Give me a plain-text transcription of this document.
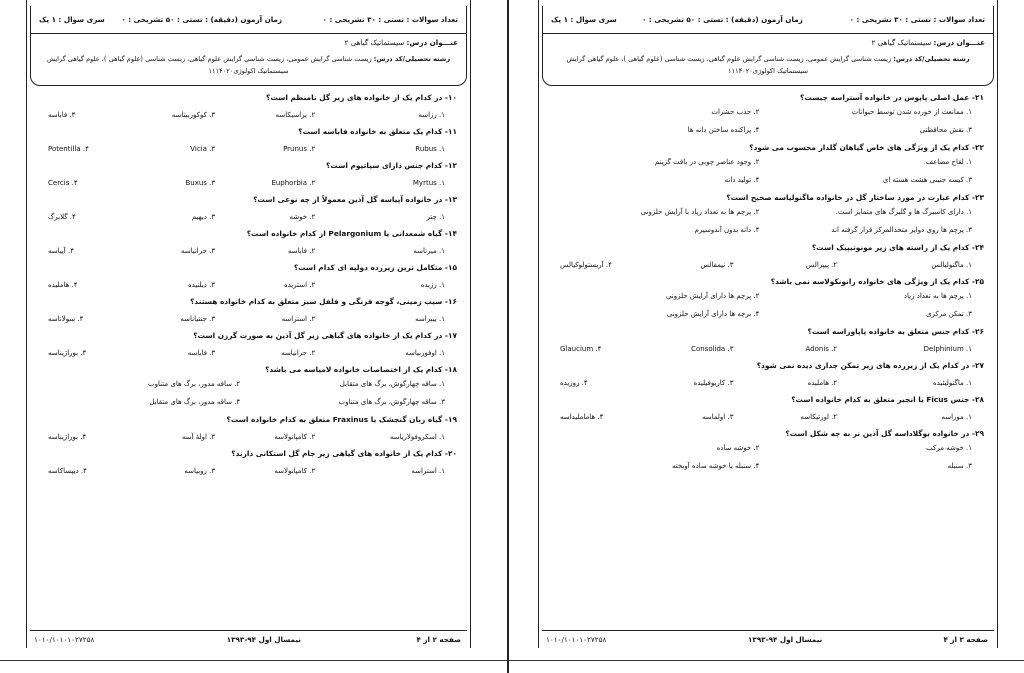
تعداد سوالات : تستی : ۳۰ تشریحی : ۰
زمان آزمون (دقیقه) : تستی : ۵۰ تشریحی : ۰
سری سوال : ۱ یک
عنـــوان درس: سیستماتیک گیاهی ۲
رشته تحصیلی/کد درس: زیست شناسی گرایش عمومی، زیست شناسی گرایش علوم گیاهی، زیست شناسی (علوم گیاهی )، علوم گیاهی گرایش سیستماتیک اکولوژی۱۱۱۴۰۲۰
۱۰- در کدام یک از خانواده های زیر گل نامنظم است؟
۱. رزاسه
۲. براسیکاسه
۳. کوکوربیتاسه
۴. فاباسه
۱۱- کدام یک متعلق به خانواده فاباسه است؟
۱. Rubus
۲. Prunus
۳. Vicia
۴. Potentilla
۱۲- کدام جنس دارای سیاتیوم است؟
۱. Myrtus
۲. Euphorbia
۳. Buxus
۴. Cercis
۱۳- در خانواده آپیاسه گل آذین معمولاً از چه نوعی است؟
۱. چتر
۲. خوشه
۳. دیهیم
۴. گلابرگ
۱۴- گیاه شمعدانی یا Pelargonium از کدام خانواده است؟
۱. میرتاسه
۲. فاباسه
۳. جرانیاسه
۴. آپیاسه
۱۵- متکامل ترین زیررده دولپه ای کدام است؟
۱. رزیده
۲. استریده
۳. دیلنیده
۴. هاملیده
۱۶- سیب زمینی، گوجه فرنگی و فلفل سبز متعلق به کدام خانواده هستند؟
۱. بیبراسه
۲. استراسه
۳. جنتیاناسه
۴. سولاناسه
۱۷- در کدام یک از خانواده های گیاهی زیر گل آذین به صورت گرزن است؟
۱. اوفوربیاسه
۲. جرانیاسه
۳. فاباسه
۴. بوراژیناسه
۱۸- کدام یک از اختصاصات خانواده لامیاسه می باشد؟
۱. ساقه چهارگوش، برگ های متقابل
۲. ساقه مدور، برگ های متناوب
۳. ساقه چهارگوش، برگ های متناوب
۴. ساقه مدور، برگ های متقابل
۱۹- گیاه زبان گنجشک یا Fraxinus متعلق به کدام خانواده است؟
۱. اسکروفولاریاسه
۲. کامپانولاسه
۳. اولهٔ آسه
۴. بوراژیناسه
۲۰- کدام یک از خانواده های گیاهی زیر جام گل استکانی دارند؟
۱. استراسه
۲. کامپانولاسه
۳. روبیاسه
۴. دیپساکاسه
صفحه ۲ از ۴
نیمسال اول ۹۴-۱۳۹۳
۱۰۱۰/۱۰۱۰۱۰۲۷۲۵۸
تعداد سوالات : تستی : ۳۰ تشریحی : ۰
زمان آزمون (دقیقه) : تستی : ۵۰ تشریحی : ۰
سری سوال : ۱ یک
عنـــوان درس: سیستماتیک گیاهی ۲
رشته تحصیلی/کد درس: زیست شناسی گرایش عمومی، زیست شناسی گرایش علوم گیاهی، زیست شناسی (علوم گیاهی )، علوم گیاهی گرایش سیستماتیک اکولوژی۱۱۱۴۰۲۰
۲۱- عمل اصلی پاپوس در خانواده آستراسه چیست؟
۱. ممانعت از خورده شدن توسط حیوانات
۲. جذب حشرات
۳. نقش محافظتی
۴. پراکنده ساختن دانه ها
۲۲- کدام یک از ویژگی های خاص گیاهان گلدار محسوب می شود؟
۱. لقاح مضاعف
۲. وجود عناصر چوبی در بافت گزینم
۳. کیسه جنینی هشت هسته ای
۴. تولید دانه
۲۳- کدام عبارت در مورد ساختار گل در خانواده ماگنولیاسه صحیح است؟
۱. دارای کاسبرگ ها و گلبرگ های متمایز است.
۲. پرچم ها به تعداد زیاد با آرایش حلزونی
۳. پرچم ها روی دوایر متحدالمرکز قرار گرفته اند
۴. دانه بدون آندوسپرم
۲۴- کدام یک از راسته های زیر مونوتیپیک است؟
۱. ماگنولیالس
۲. پیپرالس
۳. نیمفالس
۴. آریستولوکیالس
۲۵- کدام یک از ویژگی های خانواده رانونکولاسه نمی باشد؟
۱. پرچم ها به تعداد زیاد
۲. پرچم ها دارای آرایش حلزونی
۳. تمکن مرکزی
۴. برچه ها دارای آرایش حلزونی
۲۶- کدام جنس متعلق به خانواده پاپاوراسه است؟
۱. Delphinium
۲. Adonis
۳. Consolida
۴. Glaucium
۲۷- در کدام یک از زیررده های زیر تمکن جداری دیده نمی شود؟
۱. ماگنولیئیده
۲. هاملیده
۳. کاریوفیلیده
۴. روزیده
۲۸- جنس Ficus یا انجیر متعلق به کدام خانواده است؟
۱. موراسه
۲. اورتیکاسه
۳. اولماسه
۴. هاماملیداسه
۲۹- در خانواده بوگلاداسه گل آذین نر به چه شکل است؟
۱. خوشه مرکب
۲. خوشه ساده
۳. سنبله
۴. سنبله یا خوشه ساده آویخته
صفحه ۳ از ۴
نیمسال اول ۹۴-۱۳۹۳
۱۰۱۰/۱۰۱۰۱۰۲۷۲۵۸
